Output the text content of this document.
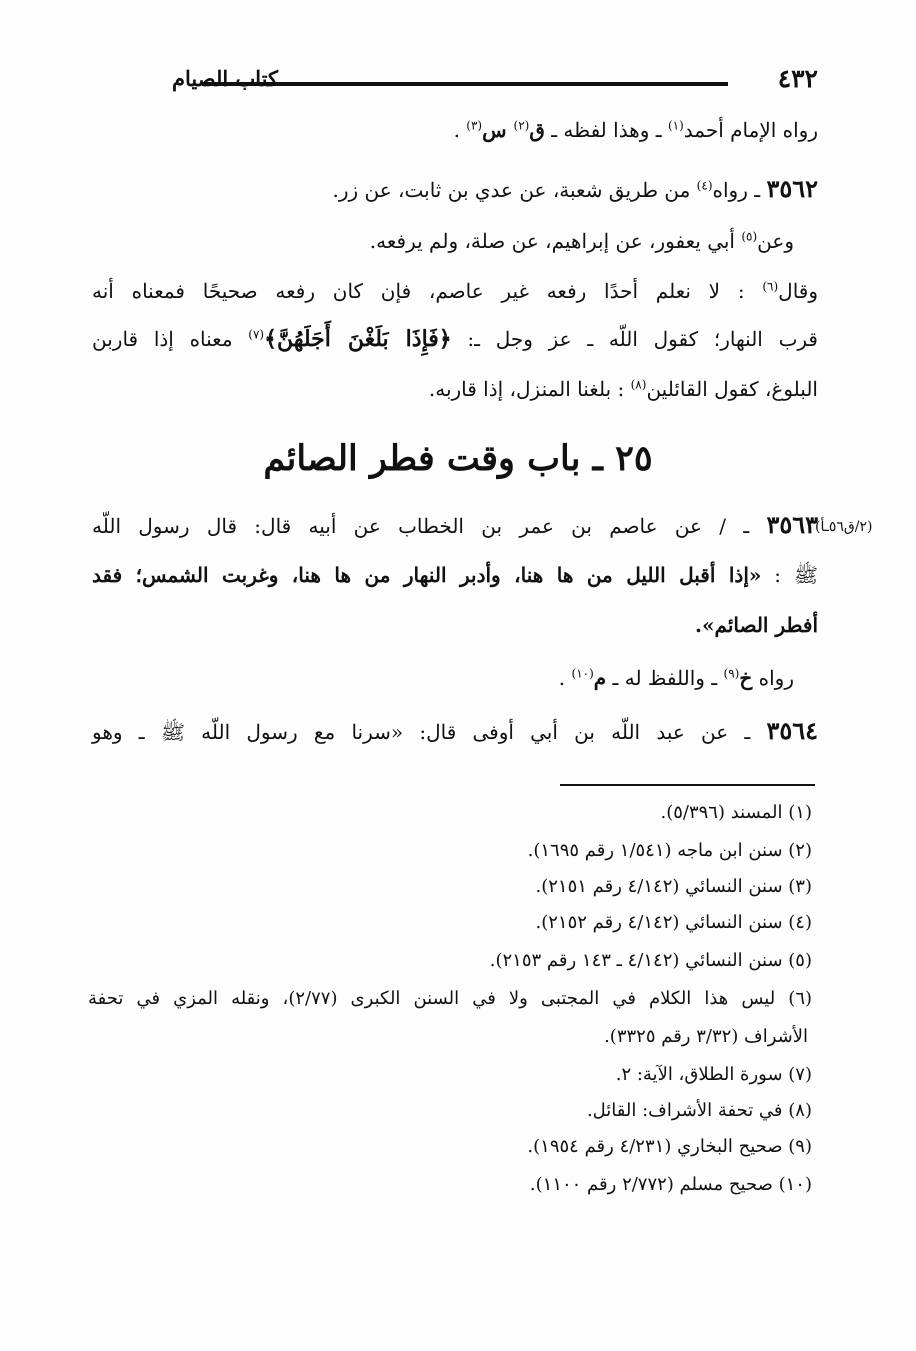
٤٣٢
كتاب الصيام
رواه الإمام أحمد$^{(١)}$ ـ وهذا لفظه ـ ق$^{(٢)}$ س$^{(٣)}$ .
٣٥٦٢ ـ رواه$^{(٤)}$ من طريق شعبة، عن عدي بن ثابت، عن زر.
وعن$^{(٥)}$ أبي يعفور، عن إبراهيم، عن صلة، ولم يرفعه.
وقال$^{(٦)}$ : لا نعلم أحدًا رفعه غير عاصم، فإن كان رفعه صحيحًا فمعناه أنه
قرب النهار؛ كقول اللّه ـ عز وجل ـ: ﴿فَإِذَا بَلَغْنَ أَجَلَهُنَّ﴾$^{(٧)}$ معناه إذا قاربن
البلوغ، كقول القائلين$^{(٨)}$ : بلغنا المنزل، إذا قاربه.
٢٥ ـ باب وقت فطر الصائم
(٢/ق٥٦ـأ)
٣٥٦٣ ـ / عن عاصم بن عمر بن الخطاب عن أبيه قال: قال رسول اللّه
ﷺ : «إذا أقبل الليل من ها هنا، وأدبر النهار من ها هنا، وغربت الشمس؛ فقد
أفطر الصائم».
رواه خ$^{(٩)}$ ـ واللفظ له ـ م$^{(١٠)}$ .
٣٥٦٤ ـ عن عبد اللّه بن أبي أوفى قال: «سرنا مع رسول اللّه ﷺ ـ وهو
(١) المسند (٥/٣٩٦).
(٢) سنن ابن ماجه (١/٥٤١ رقم ١٦٩٥).
(٣) سنن النسائي (٤/١٤٢ رقم ٢١٥١).
(٤) سنن النسائي (٤/١٤٢ رقم ٢١٥٢).
(٥) سنن النسائي (٤/١٤٢ ـ ١٤٣ رقم ٢١٥٣).
(٦) ليس هذا الكلام في المجتبى ولا في السنن الكبرى (٢/٧٧)، ونقله المزي في تحفة
الأشراف (٣/٣٢ رقم ٣٣٢٥).
(٧) سورة الطلاق، الآية: ٢.
(٨) في تحفة الأشراف: القائل.
(٩) صحيح البخاري (٤/٢٣١ رقم ١٩٥٤).
(١٠) صحيح مسلم (٢/٧٧٢ رقم ١١٠٠).
